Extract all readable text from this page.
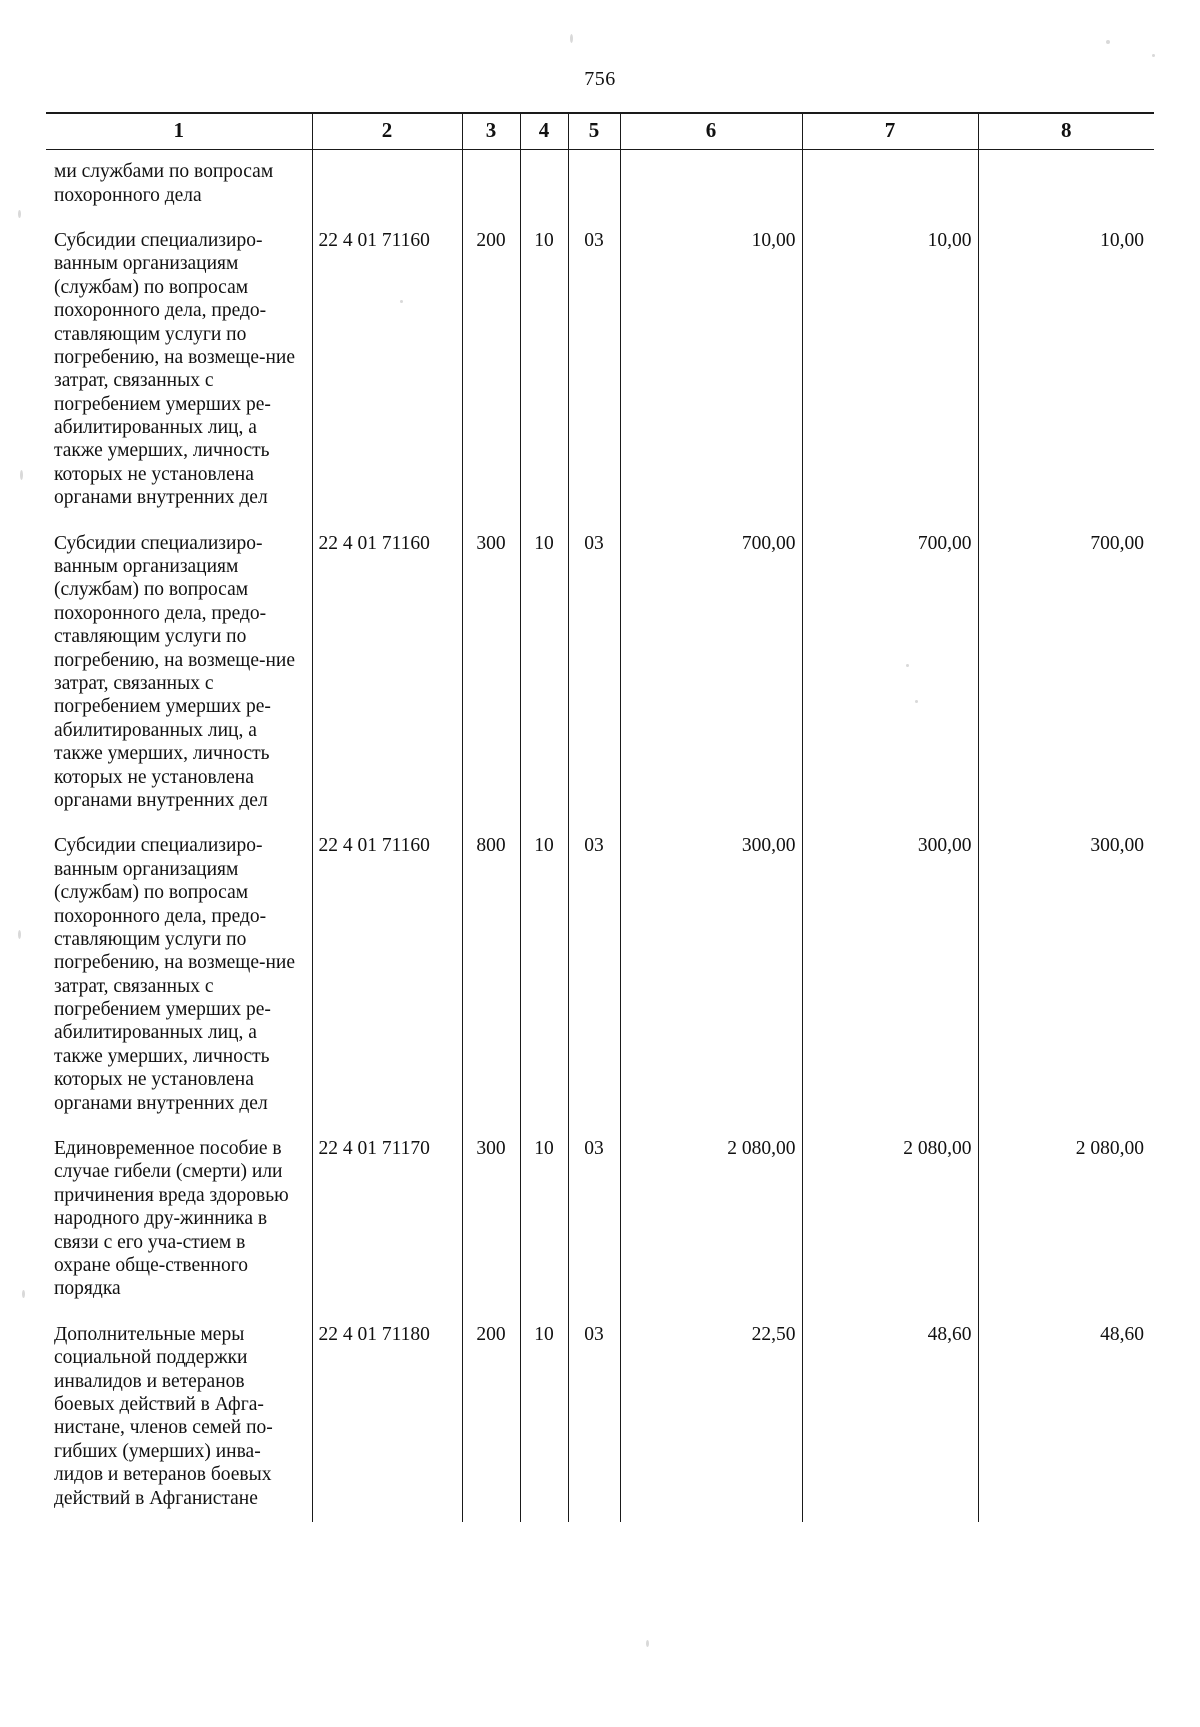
756
1	2	3	4	5	6	7	8
ми службами по вопросам похоронного дела							
Субсидии специализиро-ванным организациям (службам) по вопросам похоронного дела, предо-ставляющим услуги по погребению, на возмеще-ние затрат, связанных с погребением умерших ре-абилитированных лиц, а также умерших, личность которых не установлена органами внутренних дел	22 4 01 71160	200	10	03	10,00	10,00	10,00
Субсидии специализиро-ванным организациям (службам) по вопросам похоронного дела, предо-ставляющим услуги по погребению, на возмеще-ние затрат, связанных с погребением умерших ре-абилитированных лиц, а также умерших, личность которых не установлена органами внутренних дел	22 4 01 71160	300	10	03	700,00	700,00	700,00
Субсидии специализиро-ванным организациям (службам) по вопросам похоронного дела, предо-ставляющим услуги по погребению, на возмеще-ние затрат, связанных с погребением умерших ре-абилитированных лиц, а также умерших, личность которых не установлена органами внутренних дел	22 4 01 71160	800	10	03	300,00	300,00	300,00
Единовременное пособие в случае гибели (смерти) или причинения вреда здоровью народного дру-жинника в связи с его уча-стием в охране обще-ственного порядка	22 4 01 71170	300	10	03	2 080,00	2 080,00	2 080,00
Дополнительные меры социальной поддержки инвалидов и ветеранов боевых действий в Афга-нистане, членов семей по-гибших (умерших) инва-лидов и ветеранов боевых действий в Афганистане	22 4 01 71180	200	10	03	22,50	48,60	48,60
